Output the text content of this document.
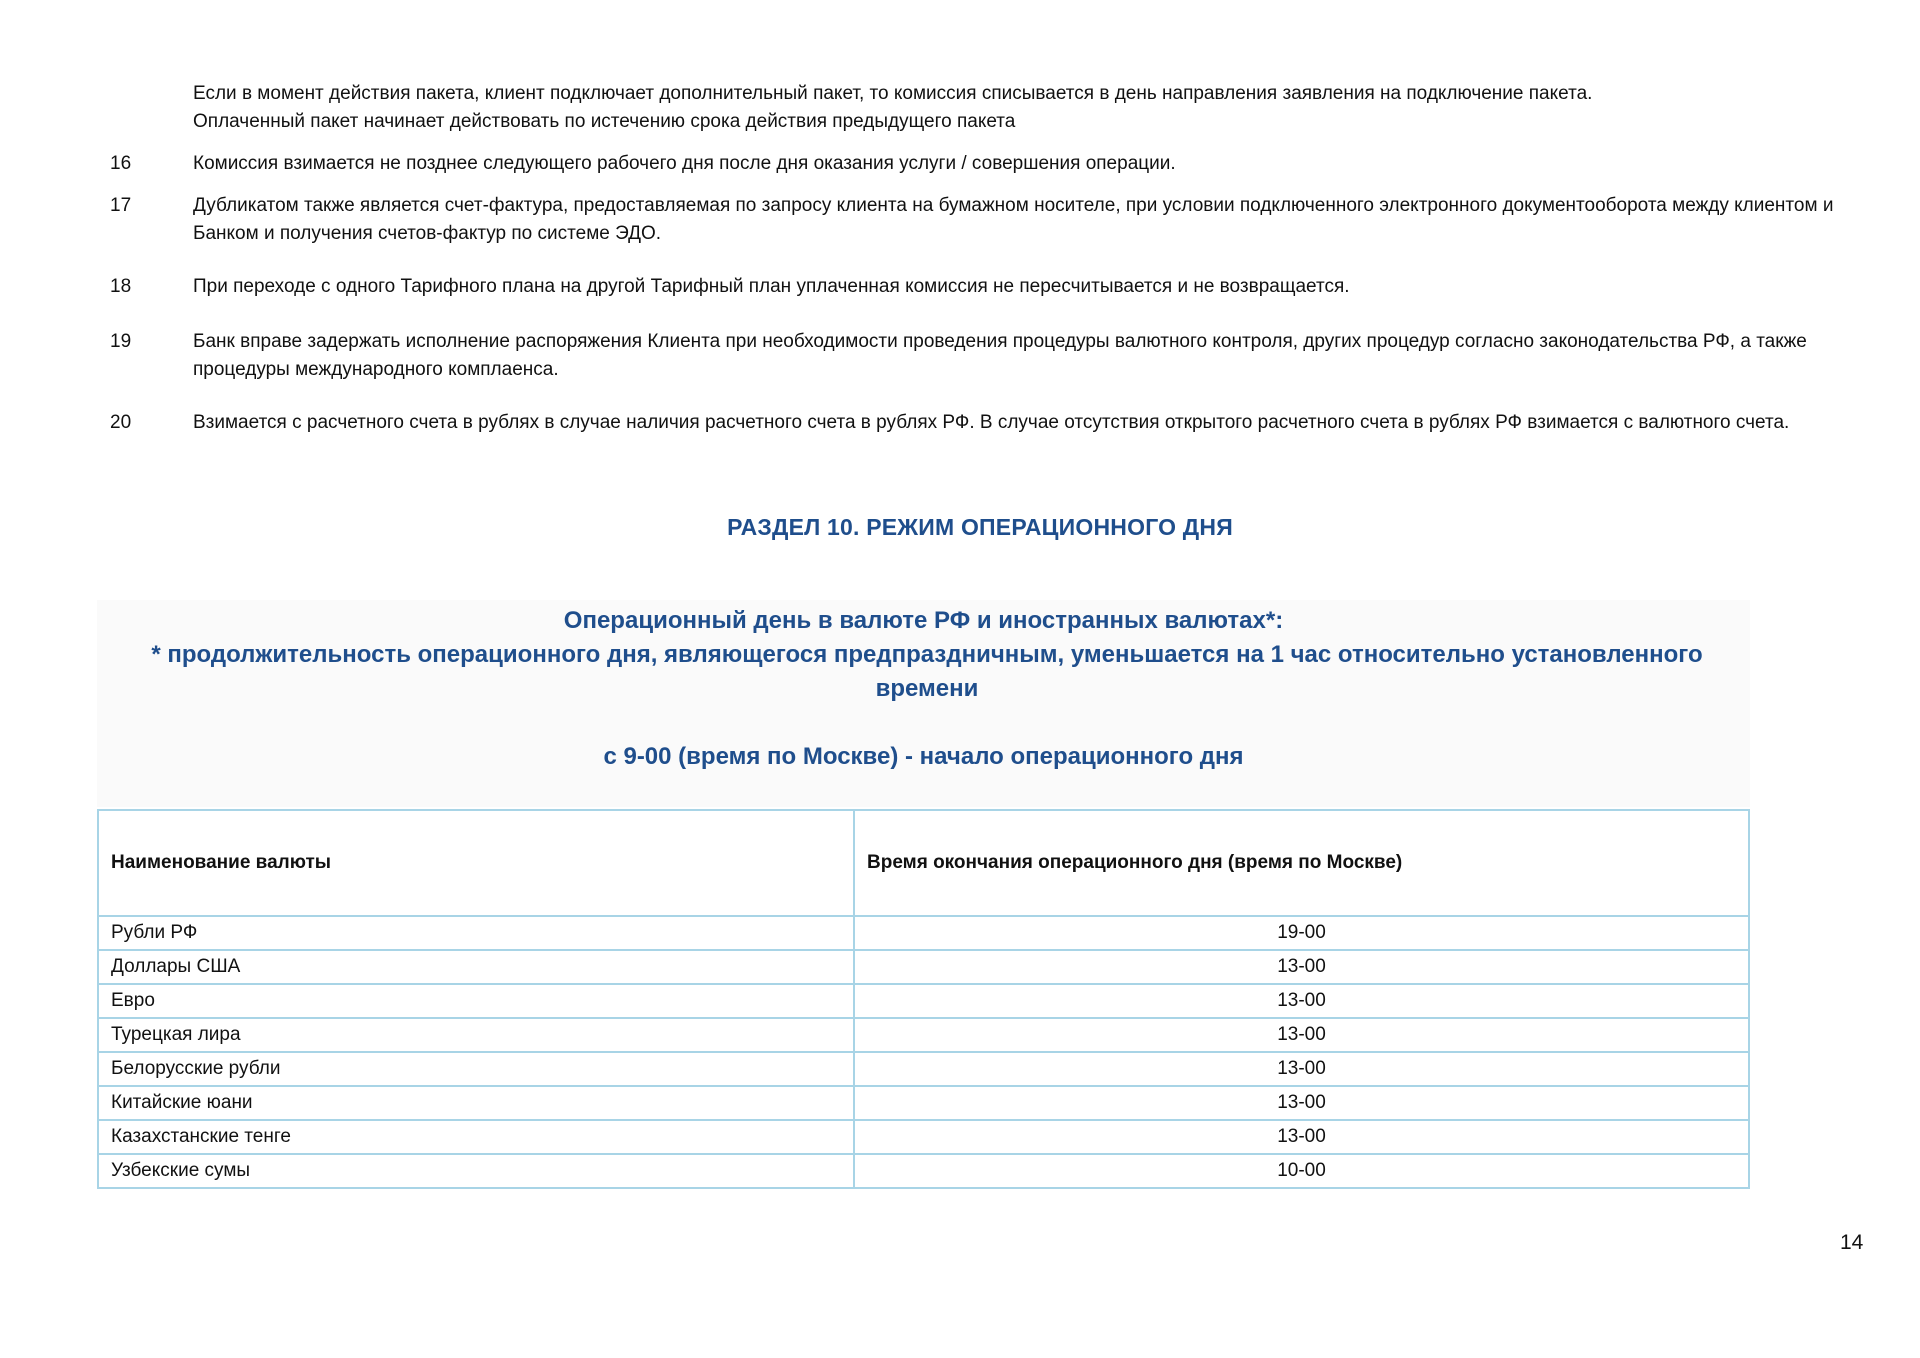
Если в момент действия пакета, клиент подключает дополнительный пакет, то комиссия списывается в день направления заявления на подключение пакета.
Оплаченный пакет начинает действовать по истечению срока действия предыдущего пакета
16	Комиссия взимается не позднее следующего рабочего дня после дня оказания услуги / совершения операции.
17	Дубликатом также является счет-фактура, предоставляемая по запросу клиента на бумажном носителе, при условии подключенного электронного документооборота между клиентом и Банком и получения счетов-фактур по системе ЭДО.
18	При переходе с одного Тарифного плана на другой Тарифный план уплаченная комиссия не пересчитывается и не возвращается.
19	Банк вправе задержать исполнение распоряжения Клиента при необходимости проведения процедуры валютного контроля, других процедур согласно законодательства РФ, а также процедуры международного комплаенса.
20	Взимается с расчетного счета в рублях в случае наличия расчетного счета в рублях РФ. В случае отсутствия открытого расчетного счета в рублях РФ взимается с валютного счета.
РАЗДЕЛ 10. РЕЖИМ ОПЕРАЦИОННОГО ДНЯ
Операционный день в валюте РФ и иностранных валютах*:
* продолжительность операционного дня, являющегося предпраздничным, уменьшается на 1 час относительно установленного времени
с 9-00 (время по Москве) - начало операционного дня
Наименование валюты	Время окончания операционного дня (время по Москве)
Рубли РФ	19-00
Доллары США	13-00
Евро	13-00
Турецкая лира	13-00
Белорусские рубли	13-00
Китайские юани	13-00
Казахстанские тенге	13-00
Узбекские сумы	10-00
14
